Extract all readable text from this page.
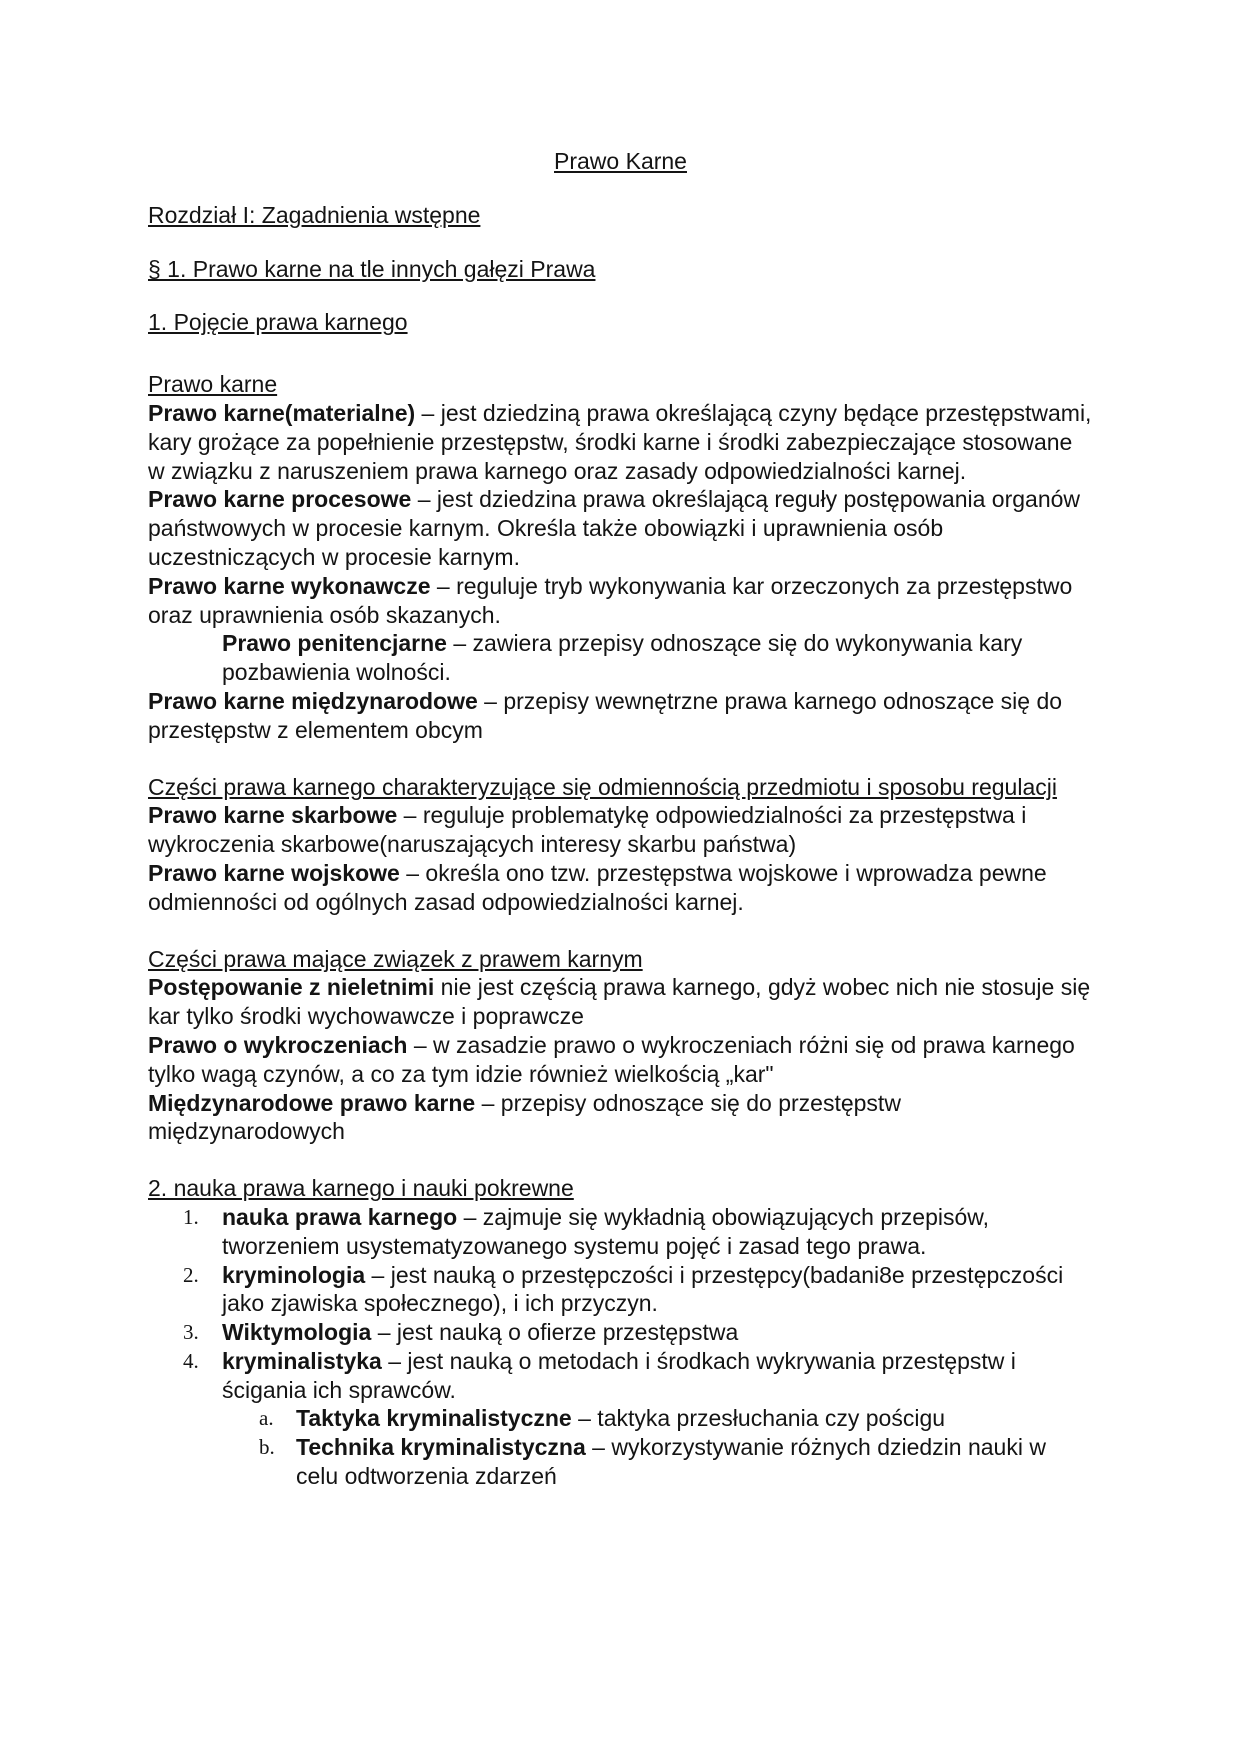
Prawo Karne

Rozdział I: Zagadnienia wstępne

§ 1. Prawo karne na tle innych gałęzi Prawa

1. Pojęcie prawa karnego

Prawo karne

Prawo karne(materialne) – jest dziedziną prawa określającą czyny będące przestępstwami, kary grożące za popełnienie przestępstw, środki karne i środki zabezpieczające stosowane w związku z naruszeniem prawa karnego oraz zasady odpowiedzialności karnej.

Prawo karne procesowe – jest dziedzina prawa określającą reguły postępowania organów państwowych w procesie karnym. Określa także obowiązki i uprawnienia osób uczestniczących w procesie karnym.

Prawo karne wykonawcze – reguluje tryb wykonywania kar orzeczonych za przestępstwo oraz uprawnienia osób skazanych.

Prawo penitencjarne – zawiera przepisy odnoszące się do wykonywania kary pozbawienia wolności.

Prawo karne międzynarodowe – przepisy wewnętrzne prawa karnego odnoszące się do przestępstw z elementem obcym

Części prawa karnego charakteryzujące się odmiennością przedmiotu i sposobu regulacji

Prawo karne skarbowe – reguluje problematykę odpowiedzialności za przestępstwa i wykroczenia skarbowe(naruszających interesy skarbu państwa)

Prawo karne wojskowe – określa ono tzw. przestępstwa wojskowe i wprowadza pewne odmienności od ogólnych zasad odpowiedzialności karnej.

Części prawa mające związek z prawem karnym

Postępowanie z nieletnimi nie jest częścią prawa karnego, gdyż wobec nich nie stosuje się kar tylko środki wychowawcze i poprawcze

Prawo o wykroczeniach – w zasadzie prawo o wykroczeniach różni się od prawa karnego tylko wagą czynów, a co za tym idzie również wielkością „kar"

Międzynarodowe prawo karne – przepisy odnoszące się do przestępstw międzynarodowych

2. nauka prawa karnego i nauki pokrewne

1. nauka prawa karnego – zajmuje się wykładnią obowiązujących przepisów, tworzeniem usystematyzowanego systemu pojęć i zasad tego prawa.
2. kryminologia – jest nauką o przestępczości i przestępcy(badani8e przestępczości jako zjawiska społecznego), i ich przyczyn.
3. Wiktymologia – jest nauką o ofierze przestępstwa
4. kryminalistyka – jest nauką o metodach i środkach wykrywania przestępstw i ścigania ich sprawców.
a. Taktyka kryminalistyczne – taktyka przesłuchania czy pościgu
b. Technika kryminalistyczna – wykorzystywanie różnych dziedzin nauki w celu odtworzenia zdarzeń
